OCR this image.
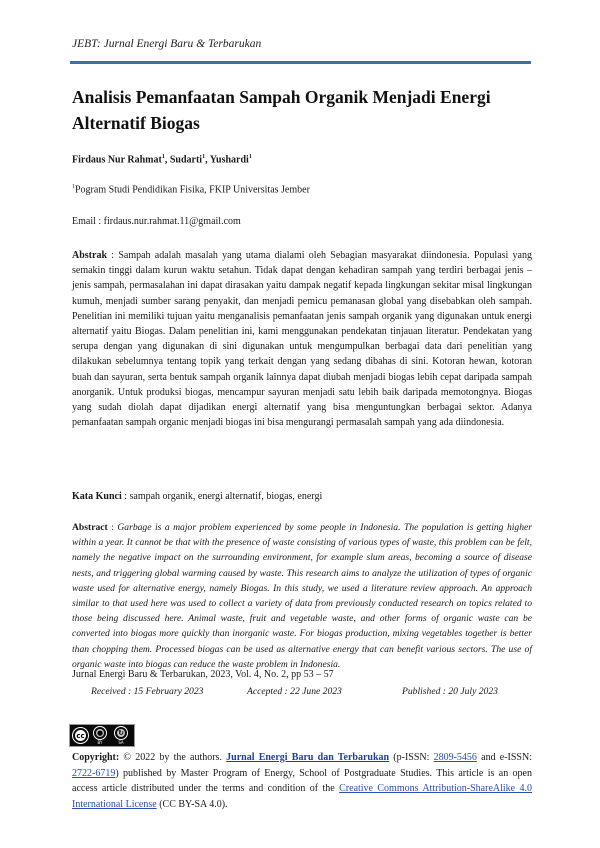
JEBT: Jurnal Energi Baru & Terbarukan
Analisis Pemanfaatan Sampah Organik Menjadi Energi
Alternatif Biogas
Firdaus Nur Rahmat$^1$, Sudarti$^1$, Yushardi$^1$
$^1$Pogram Studi Pendidikan Fisika, FKIP Universitas Jember
Email : firdaus.nur.rahmat.11@gmail.com
Abstrak : Sampah adalah masalah yang utama dialami oleh Sebagian masyarakat diindonesia. Populasi yang semakin tinggi dalam kurun waktu setahun. Tidak dapat dengan kehadiran sampah yang terdiri berbagai jenis – jenis sampah, permasalahan ini dapat dirasakan yaitu dampak negatif kepada lingkungan sekitar misal lingkungan kumuh, menjadi sumber sarang penyakit, dan menjadi pemicu pemanasan global yang disebabkan oleh sampah. Penelitian ini memiliki tujuan yaitu menganalisis pemanfaatan jenis sampah organik yang digunakan untuk energi alternatif yaitu Biogas. Dalam penelitian ini, kami menggunakan pendekatan tinjauan literatur. Pendekatan yang serupa dengan yang digunakan di sini digunakan untuk mengumpulkan berbagai data dari penelitian yang dilakukan sebelumnya tentang topik yang terkait dengan yang sedang dibahas di sini. Kotoran hewan, kotoran buah dan sayuran, serta bentuk sampah organik lainnya dapat diubah menjadi biogas lebih cepat daripada sampah anorganik. Untuk produksi biogas, mencampur sayuran menjadi satu lebih baik daripada memotongnya. Biogas yang sudah diolah dapat dijadikan energi alternatif yang bisa menguntungkan berbagai sektor. Adanya pemanfaatan sampah organic menjadi biogas ini bisa mengurangi permasalah sampah yang ada diindonesia.
Kata Kunci : sampah organik, energi alternatif, biogas, energi
Abstract : Garbage is a major problem experienced by some people in Indonesia. The population is getting higher within a year. It cannot be that with the presence of waste consisting of various types of waste, this problem can be felt, namely the negative impact on the surrounding environment, for example slum areas, becoming a source of disease nests, and triggering global warming caused by waste. This research aims to analyze the utilization of types of organic waste used for alternative energy, namely Biogas. In this study, we used a literature review approach. An approach similar to that used here was used to collect a variety of data from previously conducted research on topics related to those being discussed here. Animal waste, fruit and vegetable waste, and other forms of organic waste can be converted into biogas more quickly than inorganic waste. For biogas production, mixing vegetables together is better than chopping them. Processed biogas can be used as alternative energy that can benefit various sectors. The use of organic waste into biogas can reduce the waste problem in Indonesia.
Jurnal Energi Baru & Terbarukan, 2023, Vol. 4, No. 2, pp 53 – 57
Received : 15 February 2023	Accepted : 22 June 2023	Published : 20 July 2023
cc	●
BY
↻
SA
Copyright: © 2022 by the authors. Jurnal Energi Baru dan Terbarukan (p-ISSN: 2809-5456 and e-ISSN: 2722-6719) published by Master Program of Energy, School of Postgraduate Studies. This article is an open access article distributed under the terms and condition of the Creative Commons Attribution-ShareAlike 4.0 International License (CC BY-SA 4.0).
